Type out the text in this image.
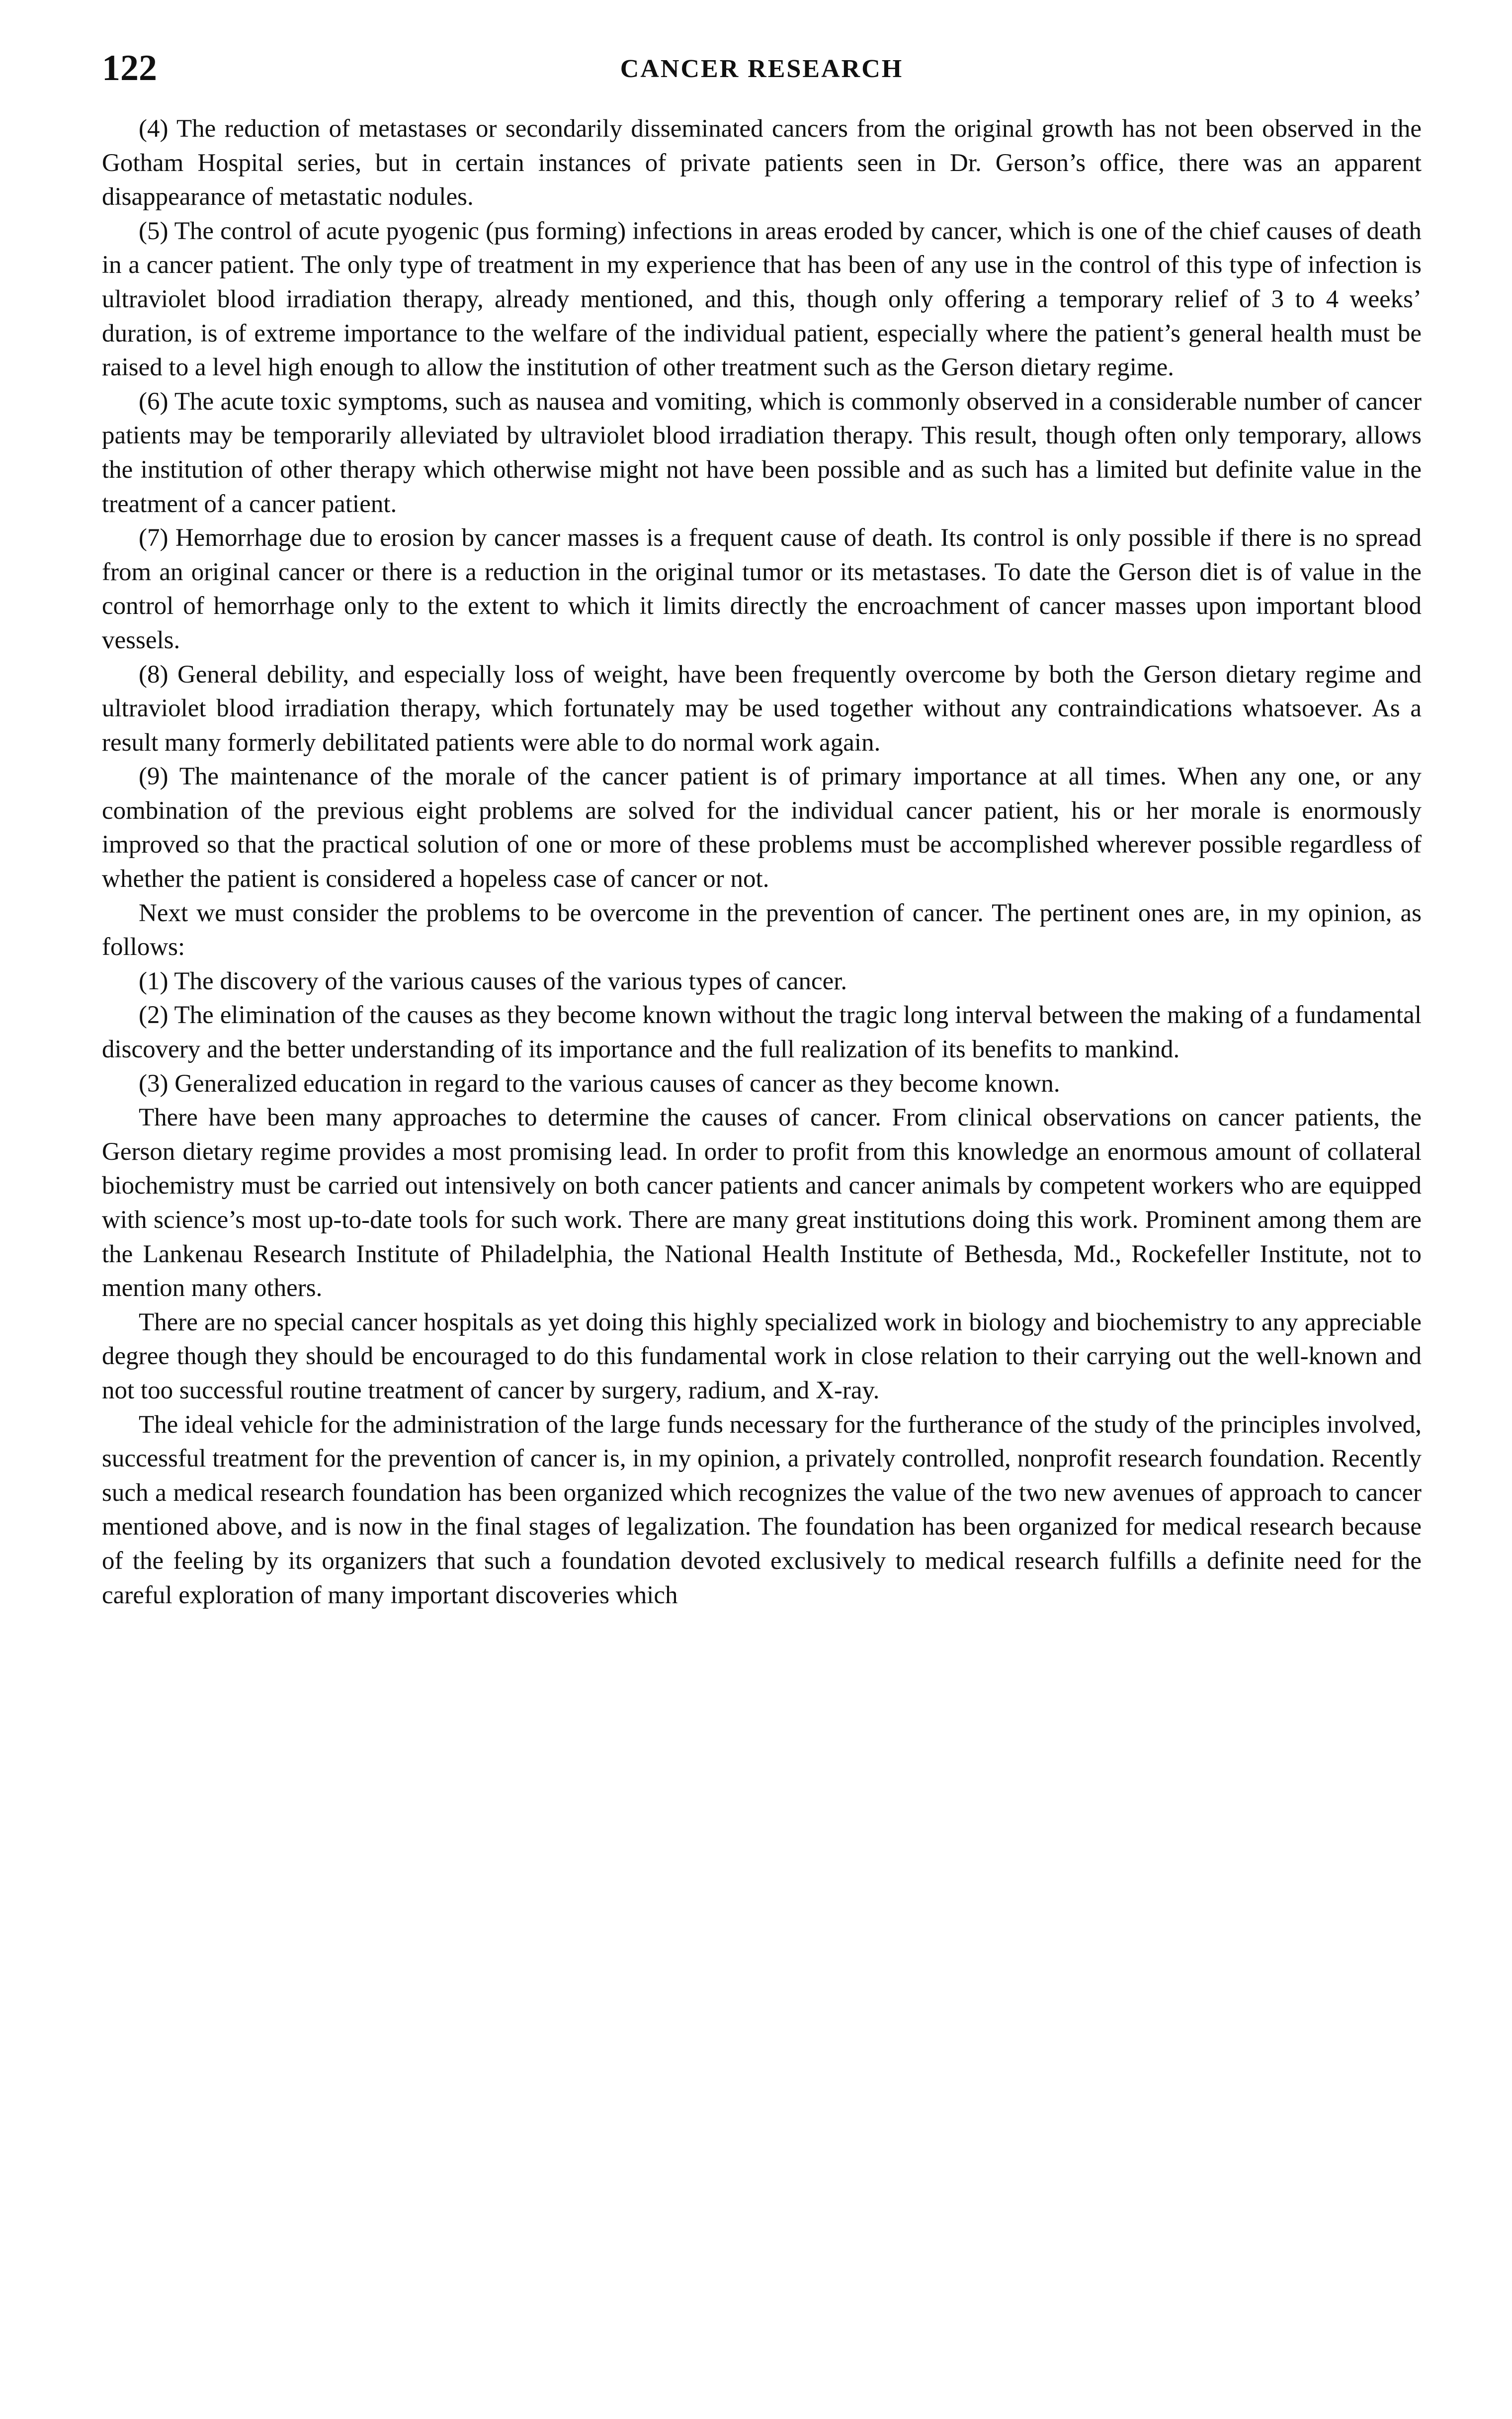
122	CANCER RESEARCH

(4) The reduction of metastases or secondarily disseminated cancers from the original growth has not been observed in the Gotham Hospital series, but in certain instances of private patients seen in Dr. Gerson’s office, there was an apparent disappearance of metastatic nodules.

(5) The control of acute pyogenic (pus forming) infections in areas eroded by cancer, which is one of the chief causes of death in a cancer patient. The only type of treatment in my experience that has been of any use in the control of this type of infection is ultraviolet blood irradiation therapy, already mentioned, and this, though only offering a temporary relief of 3 to 4 weeks’ duration, is of extreme importance to the welfare of the individual patient, especially where the patient’s general health must be raised to a level high enough to allow the institution of other treatment such as the Gerson dietary regime.

(6) The acute toxic symptoms, such as nausea and vomiting, which is commonly observed in a considerable number of cancer patients may be temporarily alleviated by ultraviolet blood irradiation therapy. This result, though often only temporary, allows the institution of other therapy which otherwise might not have been possible and as such has a limited but definite value in the treatment of a cancer patient.

(7) Hemorrhage due to erosion by cancer masses is a frequent cause of death. Its control is only possible if there is no spread from an original cancer or there is a reduction in the original tumor or its metastases. To date the Gerson diet is of value in the control of hemorrhage only to the extent to which it limits directly the encroachment of cancer masses upon important blood vessels.

(8) General debility, and especially loss of weight, have been frequently overcome by both the Gerson dietary regime and ultraviolet blood irradiation therapy, which fortunately may be used together without any contraindications whatsoever. As a result many formerly debilitated patients were able to do normal work again.

(9) The maintenance of the morale of the cancer patient is of primary importance at all times. When any one, or any combination of the previous eight problems are solved for the individual cancer patient, his or her morale is enormously improved so that the practical solution of one or more of these problems must be accomplished wherever possible regardless of whether the patient is considered a hopeless case of cancer or not.

Next we must consider the problems to be overcome in the prevention of cancer. The pertinent ones are, in my opinion, as follows:

(1) The discovery of the various causes of the various types of cancer.

(2) The elimination of the causes as they become known without the tragic long interval between the making of a fundamental discovery and the better understanding of its importance and the full realization of its benefits to mankind.

(3) Generalized education in regard to the various causes of cancer as they become known.

There have been many approaches to determine the causes of cancer. From clinical observations on cancer patients, the Gerson dietary regime provides a most promising lead. In order to profit from this knowledge an enormous amount of collateral biochemistry must be carried out intensively on both cancer patients and cancer animals by competent workers who are equipped with science’s most up-to-date tools for such work. There are many great institutions doing this work. Prominent among them are the Lankenau Research Institute of Philadelphia, the National Health Institute of Bethesda, Md., Rockefeller Institute, not to mention many others.

There are no special cancer hospitals as yet doing this highly specialized work in biology and biochemistry to any appreciable degree though they should be encouraged to do this fundamental work in close relation to their carrying out the well-known and not too successful routine treatment of cancer by surgery, radium, and X-ray.

The ideal vehicle for the administration of the large funds necessary for the furtherance of the study of the principles involved, successful treatment for the prevention of cancer is, in my opinion, a privately controlled, nonprofit research foundation. Recently such a medical research foundation has been organized which recognizes the value of the two new avenues of approach to cancer mentioned above, and is now in the final stages of legalization. The foundation has been organized for medical research because of the feeling by its organizers that such a foundation devoted exclusively to medical research fulfills a definite need for the careful exploration of many important discoveries which
